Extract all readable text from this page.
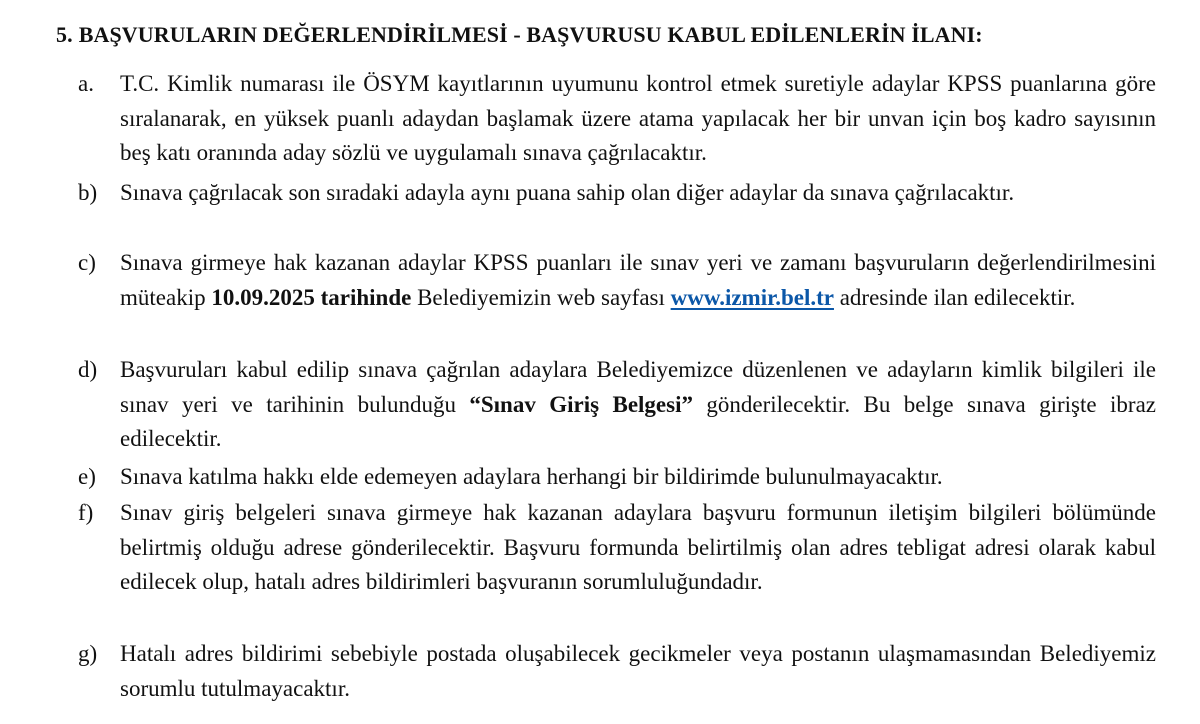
5. BAŞVURULARIN DEĞERLENDİRİLMESİ - BAŞVURUSU KABUL EDİLENLERİN İLANI:
a. T.C. Kimlik numarası ile ÖSYM kayıtlarının uyumunu kontrol etmek suretiyle adaylar KPSS puanlarına göre sıralanarak, en yüksek puanlı adaydan başlamak üzere atama yapılacak her bir unvan için boş kadro sayısının beş katı oranında aday sözlü ve uygulamalı sınava çağrılacaktır.
b) Sınava çağrılacak son sıradaki adayla aynı puana sahip olan diğer adaylar da sınava çağrılacaktır.
c) Sınava girmeye hak kazanan adaylar KPSS puanları ile sınav yeri ve zamanı başvuruların değerlendirilmesini müteakip 10.09.2025 tarihinde Belediyemizin web sayfası www.izmir.bel.tr adresinde ilan edilecektir.
d) Başvuruları kabul edilip sınava çağrılan adaylara Belediyemizce düzenlenen ve adayların kimlik bilgileri ile sınav yeri ve tarihinin bulunduğu “Sınav Giriş Belgesi” gönderilecektir. Bu belge sınava girişte ibraz edilecektir.
e) Sınava katılma hakkı elde edemeyen adaylara herhangi bir bildirimde bulunulmayacaktır.
f) Sınav giriş belgeleri sınava girmeye hak kazanan adaylara başvuru formunun iletişim bilgileri bölümünde belirtmiş olduğu adrese gönderilecektir. Başvuru formunda belirtilmiş olan adres tebligat adresi olarak kabul edilecek olup, hatalı adres bildirimleri başvuranın sorumluluğundadır.
g) Hatalı adres bildirimi sebebiyle postada oluşabilecek gecikmeler veya postanın ulaşmamasından Belediyemiz sorumlu tutulmayacaktır.
